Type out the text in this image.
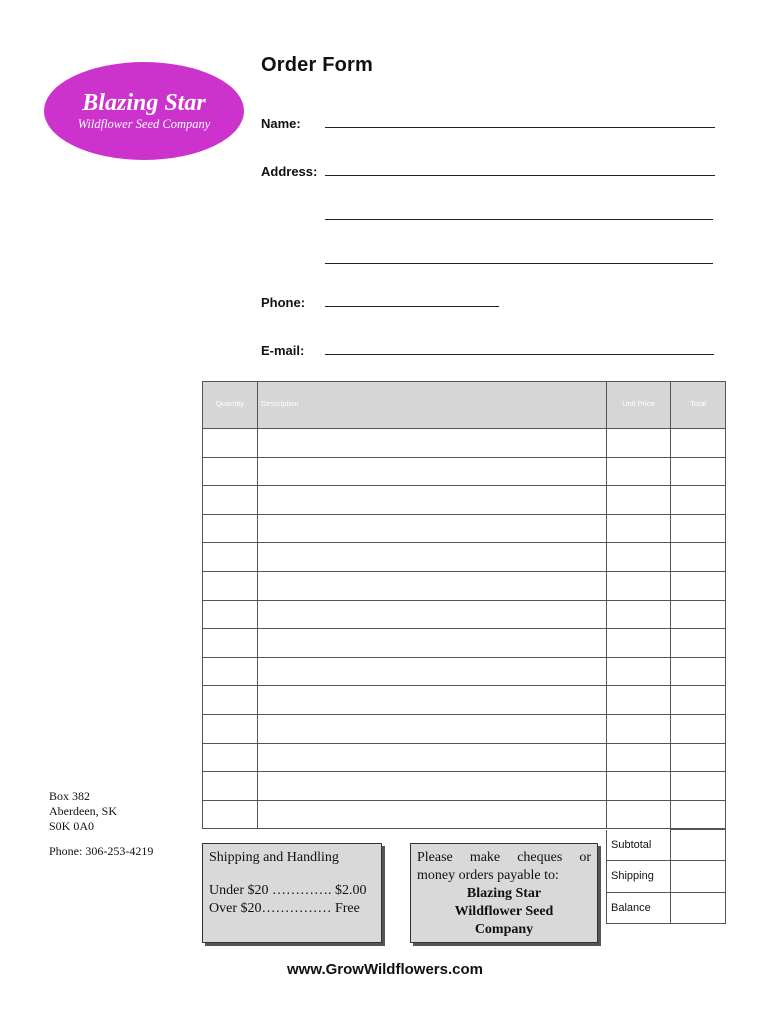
Blazing Star
Wildflower Seed Company
Order Form
Name:
Address:
Phone:
E-mail:
Quantity	Description	Unit Price	Total

Box 382
Aberdeen, SK
S0K 0A0
Phone: 306-253-4219	Shipping and Handling
Under $20 …………. $2.00
Over $20…………… Free
Please make cheques or
money orders payable to:
Blazing Star
Wildflower Seed
Company
Subtotal	
Shipping	
Balance	
www.GrowWildflowers.com
